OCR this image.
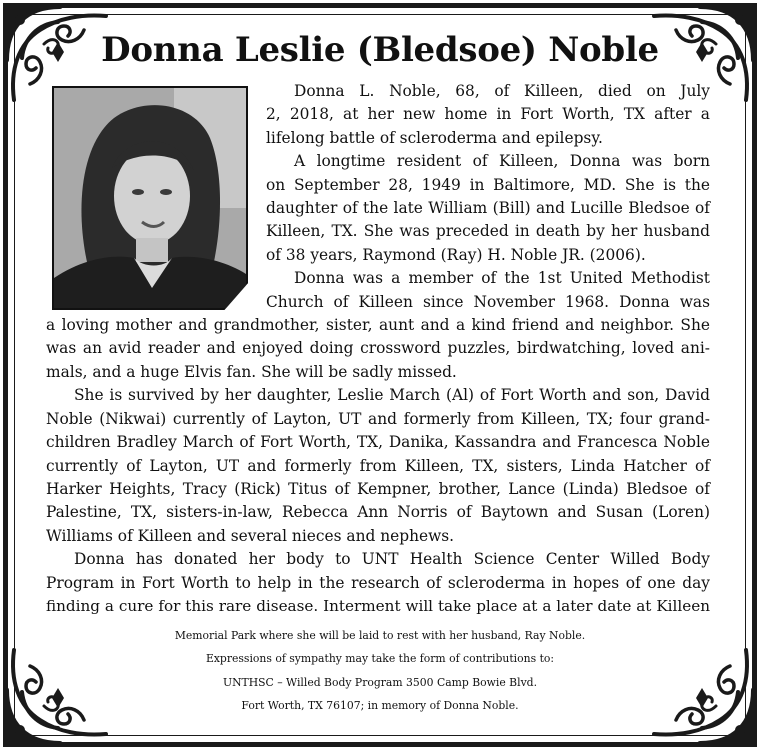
Donna Leslie (Bledsoe) Noble
Donna L. Noble, 68, of Killeen, died on July
2, 2018, at her new home in Fort Worth, TX after a
lifelong battle of scleroderma and epilepsy.
A longtime resident of Killeen, Donna was born
on September 28, 1949 in Baltimore, MD. She is the
daughter of the late William (Bill) and Lucille Bledsoe of
Killeen, TX. She was preceded in death by her husband
of 38 years, Raymond (Ray) H. Noble JR. (2006).
Donna was a member of the 1st United Methodist
Church of Killeen since November 1968. Donna was
a loving mother and grandmother, sister, aunt and a kind friend and neighbor. She
was an avid reader and enjoyed doing crossword puzzles, birdwatching, loved ani-
mals, and a huge Elvis fan. She will be sadly missed.
She is survived by her daughter, Leslie March (Al) of Fort Worth and son, David
Noble (Nikwai) currently of Layton, UT and formerly from Killeen, TX; four grand-
children Bradley March of Fort Worth, TX, Danika, Kassandra and Francesca Noble
currently of Layton, UT and formerly from Killeen, TX, sisters, Linda Hatcher of
Harker Heights, Tracy (Rick) Titus of Kempner, brother, Lance (Linda) Bledsoe of
Palestine, TX, sisters-in-law, Rebecca Ann Norris of Baytown and Susan (Loren)
Williams of Killeen and several nieces and nephews.
Donna has donated her body to UNT Health Science Center Willed Body
Program in Fort Worth to help in the research of scleroderma in hopes of one day
finding a cure for this rare disease. Interment will take place at a later date at Killeen
Memorial Park where she will be laid to rest with her husband, Ray Noble.
Expressions of sympathy may take the form of contributions to:
UNTHSC – Willed Body Program 3500 Camp Bowie Blvd.
Fort Worth, TX 76107; in memory of Donna Noble.
